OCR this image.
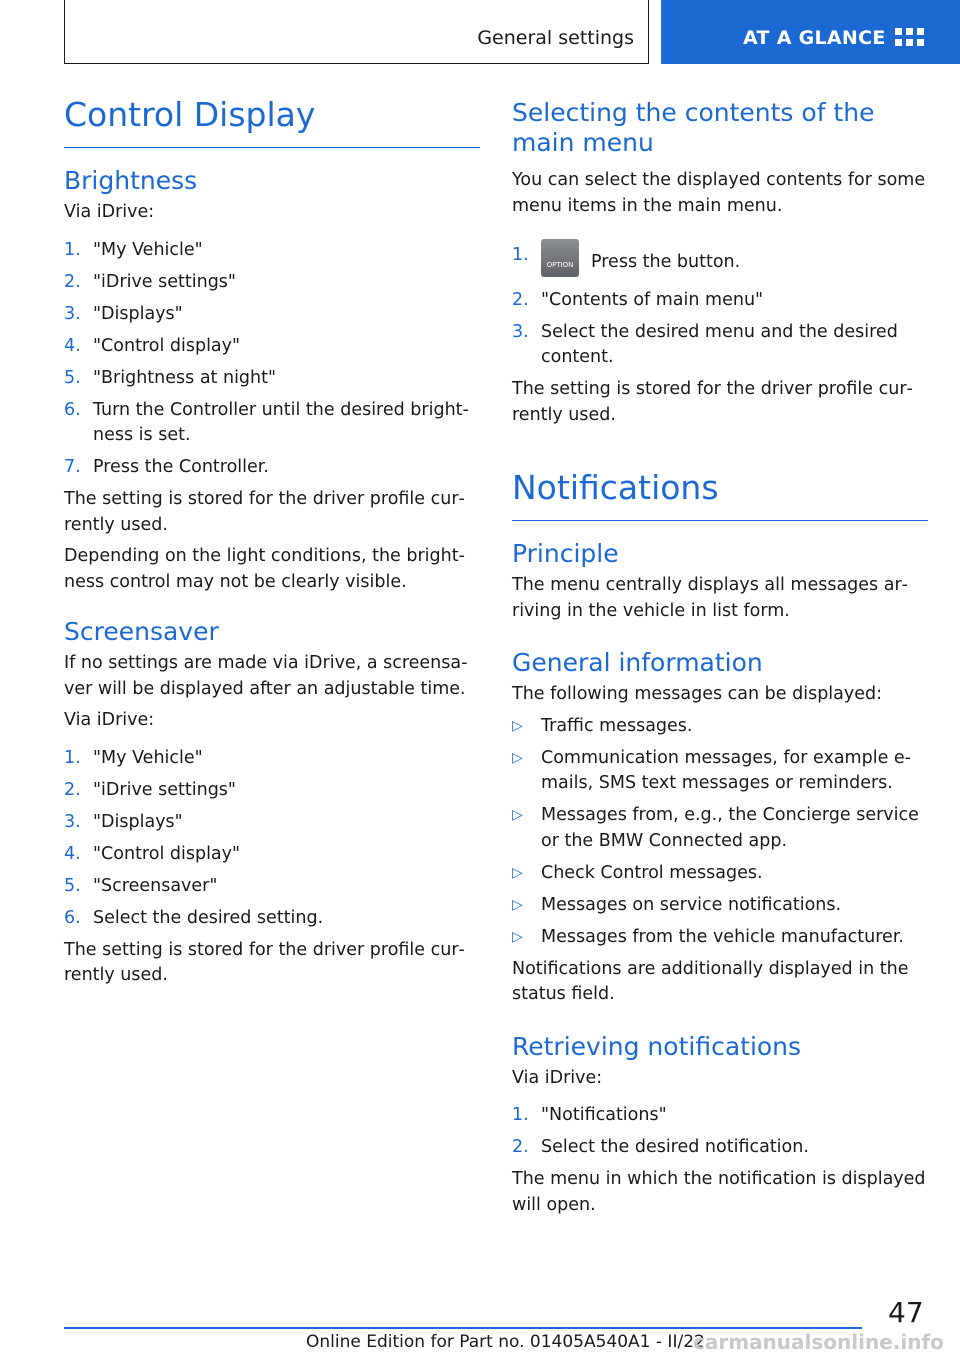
General settings	AT A GLANCE
Control Display
Brightness

Via iDrive:

1. "My Vehicle"
2. "iDrive settings"
3. "Displays"
4. "Control display"
5. "Brightness at night"
6. Turn the Controller until the desired bright‐ness is set.
7. Press the Controller.

The setting is stored for the driver profile cur‐rently used.

Depending on the light conditions, the bright‐ness control may not be clearly visible.

Screensaver

If no settings are made via iDrive, a screensa‐ver will be displayed after an adjustable time.

Via iDrive:

1. "My Vehicle"
2. "iDrive settings"
3. "Displays"
4. "Control display"
5. "Screensaver"
6. Select the desired setting.

The setting is stored for the driver profile cur‐rently used.

Selecting the contents of the main menu

You can select the displayed contents for some menu items in the main menu.

1.	OPTION	Press the button.
2. "Contents of main menu"
3. Select the desired menu and the desired content.

The setting is stored for the driver profile cur‐rently used.

Notifications
Principle

The menu centrally displays all messages ar‐riving in the vehicle in list form.

General information

The following messages can be displayed:

▷ Traffic messages.
▷ Communication messages, for example e‐mails, SMS text messages or reminders.
▷ Messages from, e.g., the Concierge service or the BMW Connected app.
▷ Check Control messages.
▷ Messages on service notifications.
▷ Messages from the vehicle manufacturer.

Notifications are additionally displayed in the status field.

Retrieving notifications

Via iDrive:

1. "Notifications"
2. Select the desired notification.

The menu in which the notification is displayed will open.

47
Online Edition for Part no. 01405A540A1 - II/22
carmanualsonline.info
